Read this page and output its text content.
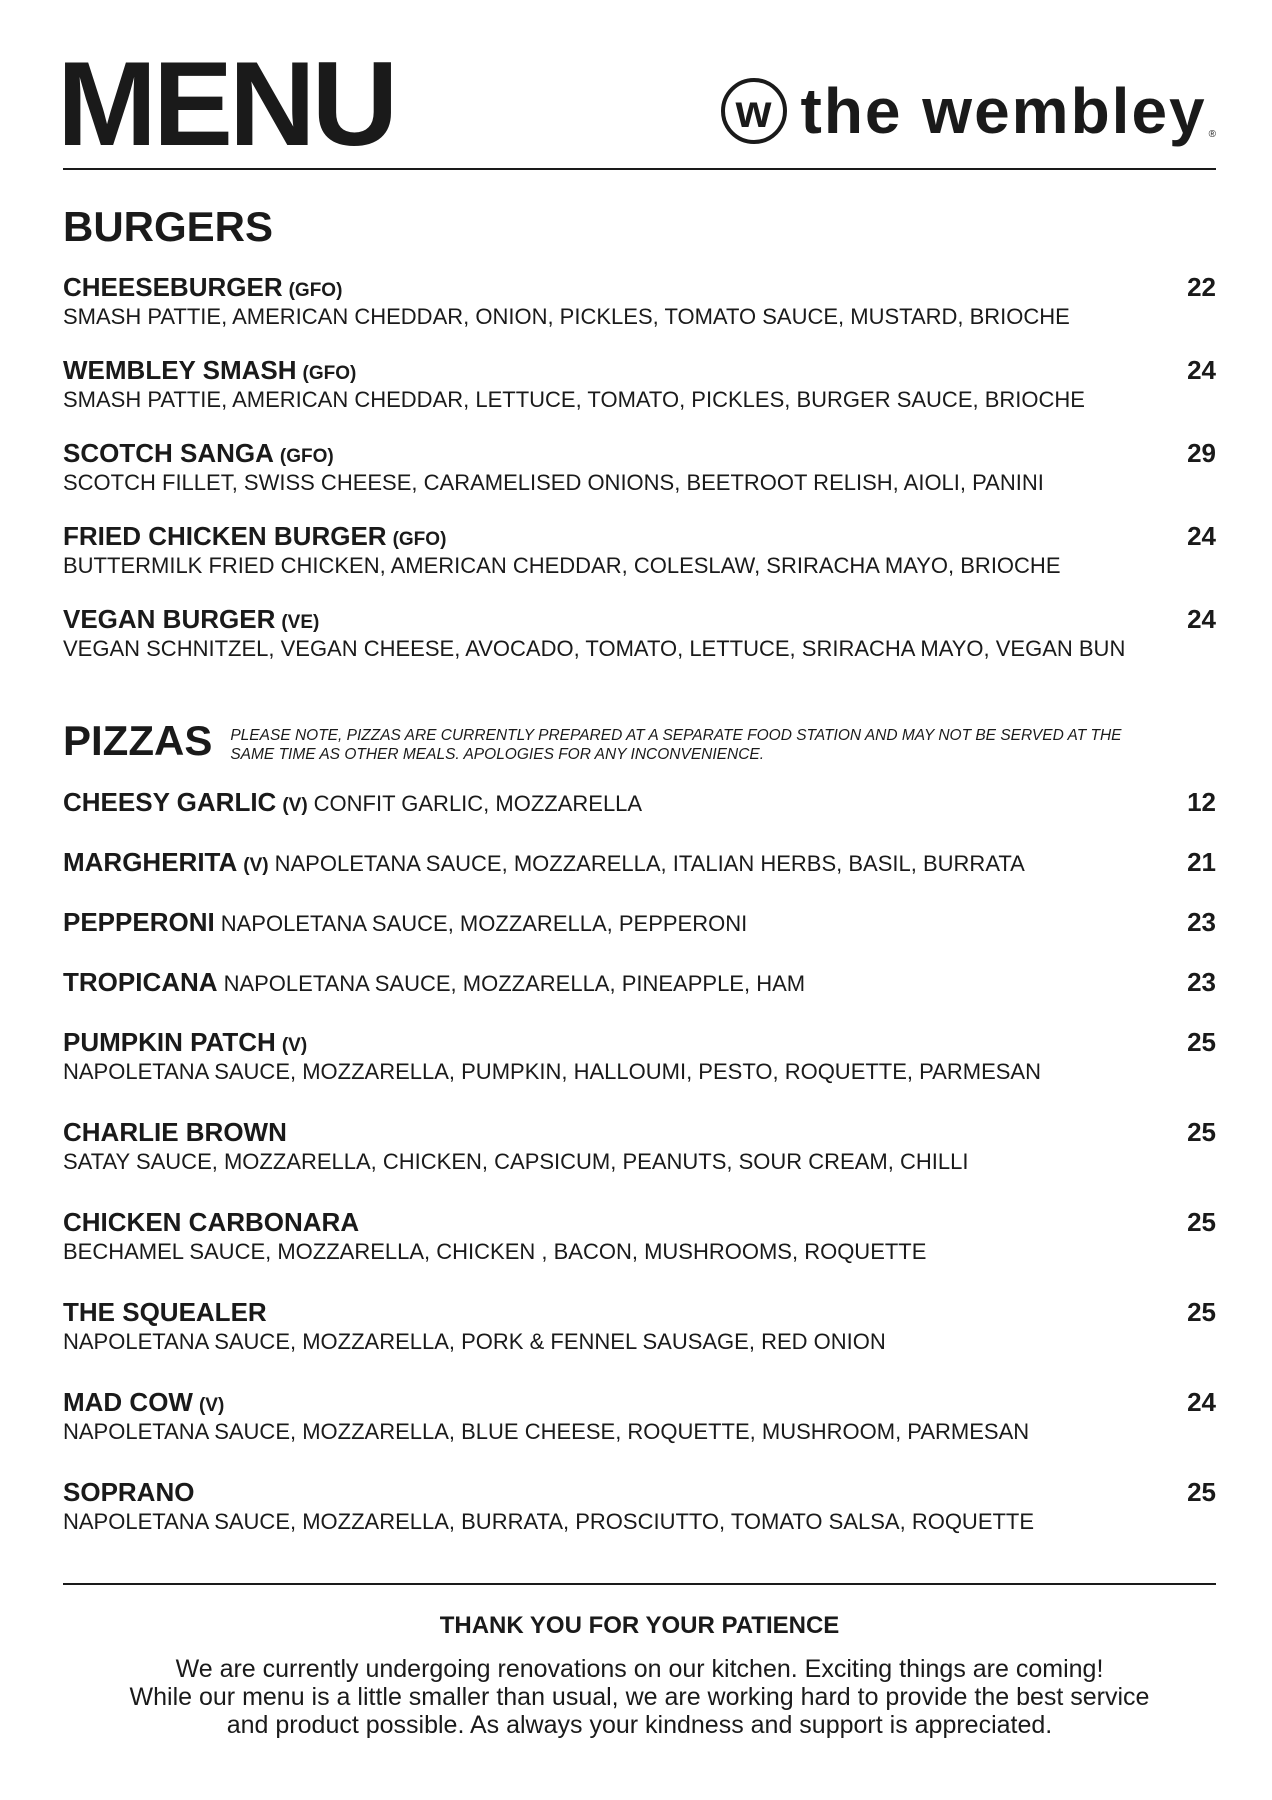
MENU	w the wembley ®
BURGERS
CHEESEBURGER (GFO)	22
SMASH PATTIE, AMERICAN CHEDDAR, ONION, PICKLES, TOMATO SAUCE, MUSTARD, BRIOCHE
WEMBLEY SMASH (GFO)	24
SMASH PATTIE, AMERICAN CHEDDAR, LETTUCE, TOMATO, PICKLES, BURGER SAUCE, BRIOCHE
SCOTCH SANGA (GFO)	29
SCOTCH FILLET, SWISS CHEESE, CARAMELISED ONIONS, BEETROOT RELISH, AIOLI, PANINI
FRIED CHICKEN BURGER (GFO)	24
BUTTERMILK FRIED CHICKEN, AMERICAN CHEDDAR, COLESLAW, SRIRACHA MAYO, BRIOCHE
VEGAN BURGER (VE)	24
VEGAN SCHNITZEL, VEGAN CHEESE, AVOCADO, TOMATO, LETTUCE, SRIRACHA MAYO, VEGAN BUN
PIZZAS PLEASE NOTE, PIZZAS ARE CURRENTLY PREPARED AT A SEPARATE FOOD STATION AND MAY NOT BE SERVED AT THE
SAME TIME AS OTHER MEALS. APOLOGIES FOR ANY INCONVENIENCE.
CHEESY GARLIC (V) CONFIT GARLIC, MOZZARELLA	12
MARGHERITA (V) NAPOLETANA SAUCE, MOZZARELLA, ITALIAN HERBS, BASIL, BURRATA	21
PEPPERONI NAPOLETANA SAUCE, MOZZARELLA, PEPPERONI	23
TROPICANA NAPOLETANA SAUCE, MOZZARELLA, PINEAPPLE, HAM	23
PUMPKIN PATCH (V)	25
NAPOLETANA SAUCE, MOZZARELLA, PUMPKIN, HALLOUMI, PESTO, ROQUETTE, PARMESAN
CHARLIE BROWN	25
SATAY SAUCE, MOZZARELLA, CHICKEN, CAPSICUM, PEANUTS, SOUR CREAM, CHILLI
CHICKEN CARBONARA	25
BECHAMEL SAUCE, MOZZARELLA, CHICKEN , BACON, MUSHROOMS, ROQUETTE
THE SQUEALER	25
NAPOLETANA SAUCE, MOZZARELLA, PORK & FENNEL SAUSAGE, RED ONION
MAD COW (V)	24
NAPOLETANA SAUCE, MOZZARELLA, BLUE CHEESE, ROQUETTE, MUSHROOM, PARMESAN
SOPRANO	25
NAPOLETANA SAUCE, MOZZARELLA, BURRATA, PROSCIUTTO, TOMATO SALSA, ROQUETTE
THANK YOU FOR YOUR PATIENCE
We are currently undergoing renovations on our kitchen. Exciting things are coming!
While our menu is a little smaller than usual, we are working hard to provide the best service
and product possible. As always your kindness and support is appreciated.
